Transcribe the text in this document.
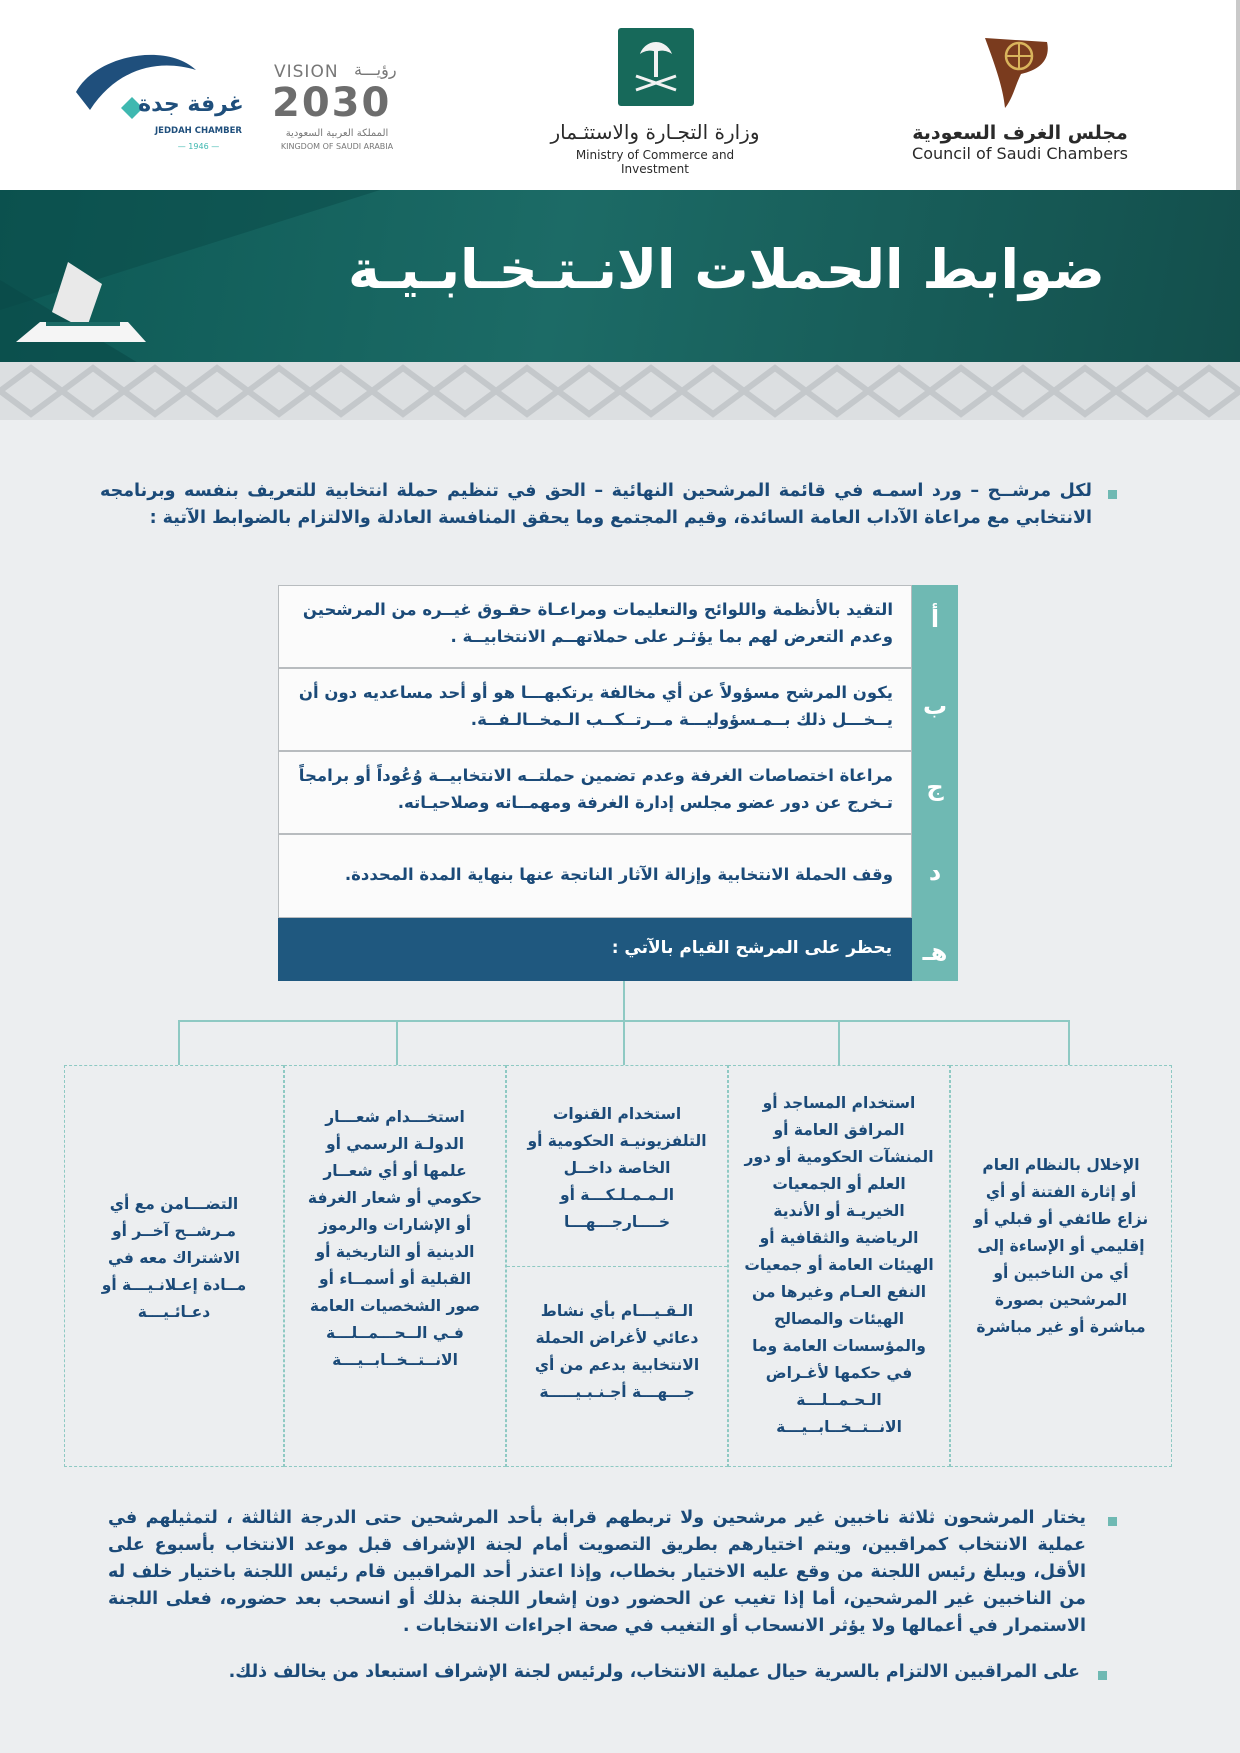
غرفة جدة
JEDDAH CHAMBER
— 1946 —
VISION رؤيـــة
2030
المملكة العربية السعودية
KINGDOM OF SAUDI ARABIA
وزارة التجـارة والاستثـمار
Ministry of Commerce and Investment
مجلس الغرف السعودية
Council of Saudi Chambers
ضوابط الحملات الانـتـخـابـيـة
لكل مرشــح – ورد اسمـه في قائمة المرشحين النهائية – الحق في تنظيم حملة انتخابية للتعريف بنفسه وبرنامجه الانتخابي مع مراعاة الآداب العامة السائدة، وقيم المجتمع وما يحقق المنافسة العادلة والالتزام بالضوابط الآتية :
التقيد بالأنظمة واللوائح والتعليمات ومراعـاة حقـوق غيــره من المرشحين وعدم التعرض لهم بما يؤثـر على حملاتهــم الانتخابيــة .
يكون المرشح مسؤولاً عن أي مخالفة يرتكبهـــا هو أو أحد مساعديه دون أن يــخـــل ذلك بــمـسؤوليـــة مــرتــكــب الـمخــالـفــة.
مراعاة اختصاصات الغرفة وعدم تضمين حملتــه الانتخابيــة وُعُوداً أو برامجاً تـخرج عن دور عضو مجلس إدارة الغرفة ومهمــاته وصلاحيـاته.
وقف الحملة الانتخابية وإزالة الآثار الناتجة عنها بنهاية المدة المحددة.
يحظر على المرشح القيام بالآتي :
أ
ب
ج
د
هـ
الإخلال بالنظام العام أو إثارة الفتنة أو أي نزاع طائفي أو قبلي أو إقليمي أو الإساءة إلى أي من الناخبين أو المرشحين بصورة مباشرة أو غير مباشرة
استخدام المساجد أو المرافق العامة أو المنشآت الحكومية أو دور العلم أو الجمعيات الخيريـة أو الأندية الرياضية والثقافية أو الهيئات العامة أو جمعيات النفع العـام وغيرها من الهيئات والمصالح والمؤسسات العامة وما في حكمها لأغـراض الـحـمــلـــة الانــتــخــابــيـــة
استخدام القنوات التلفزيونيـة الحكومية أو الخاصة داخــل الـمـمـلـكـــة أو خــــارجـــهـــا
الـقـيـــام بأي نشاط دعائي لأغراض الحملة الانتخابية بدعم من أي جـــهـــة أجـنـبـيـــــة
استخـــدام شعـــار الدولـة الرسمي أو علمها أو أي شعــار حكومي أو شعار الغرفة أو الإشارات والرموز الدينية أو التاريخية أو القبلية أو أسمــاء أو صور الشخصيات العامة فـي الــحـــمــلـــة الانــتــخــابــيـــة
التضـــامن مع أي مـرشــح آخــر أو الاشتراك معه في مــادة إعـلانـيـــة أو دعـائـيـــة
يختار المرشحون ثلاثة ناخبين غير مرشحين ولا تربطهم قرابة بأحد المرشحين حتى الدرجة الثالثة ، لتمثيلهم في عملية الانتخاب كمراقبين، ويتم اختيارهم بطريق التصويت أمام لجنة الإشراف قبل موعد الانتخاب بأسبوع على الأقل، ويبلغ رئيس اللجنة من وقع عليه الاختيار بخطاب، وإذا اعتذر أحد المراقبين قام رئيس اللجنة باختيار خلف له من الناخبين غير المرشحين، أما إذا تغيب عن الحضور دون إشعار اللجنة بذلك أو انسحب بعد حضوره، فعلى اللجنة الاستمرار في أعمالها ولا يؤثر الانسحاب أو التغيب في صحة اجراءات الانتخابات .
على المراقبين الالتزام بالسرية حيال عملية الانتخاب، ولرئيس لجنة الإشراف استبعاد من يخالف ذلك.
